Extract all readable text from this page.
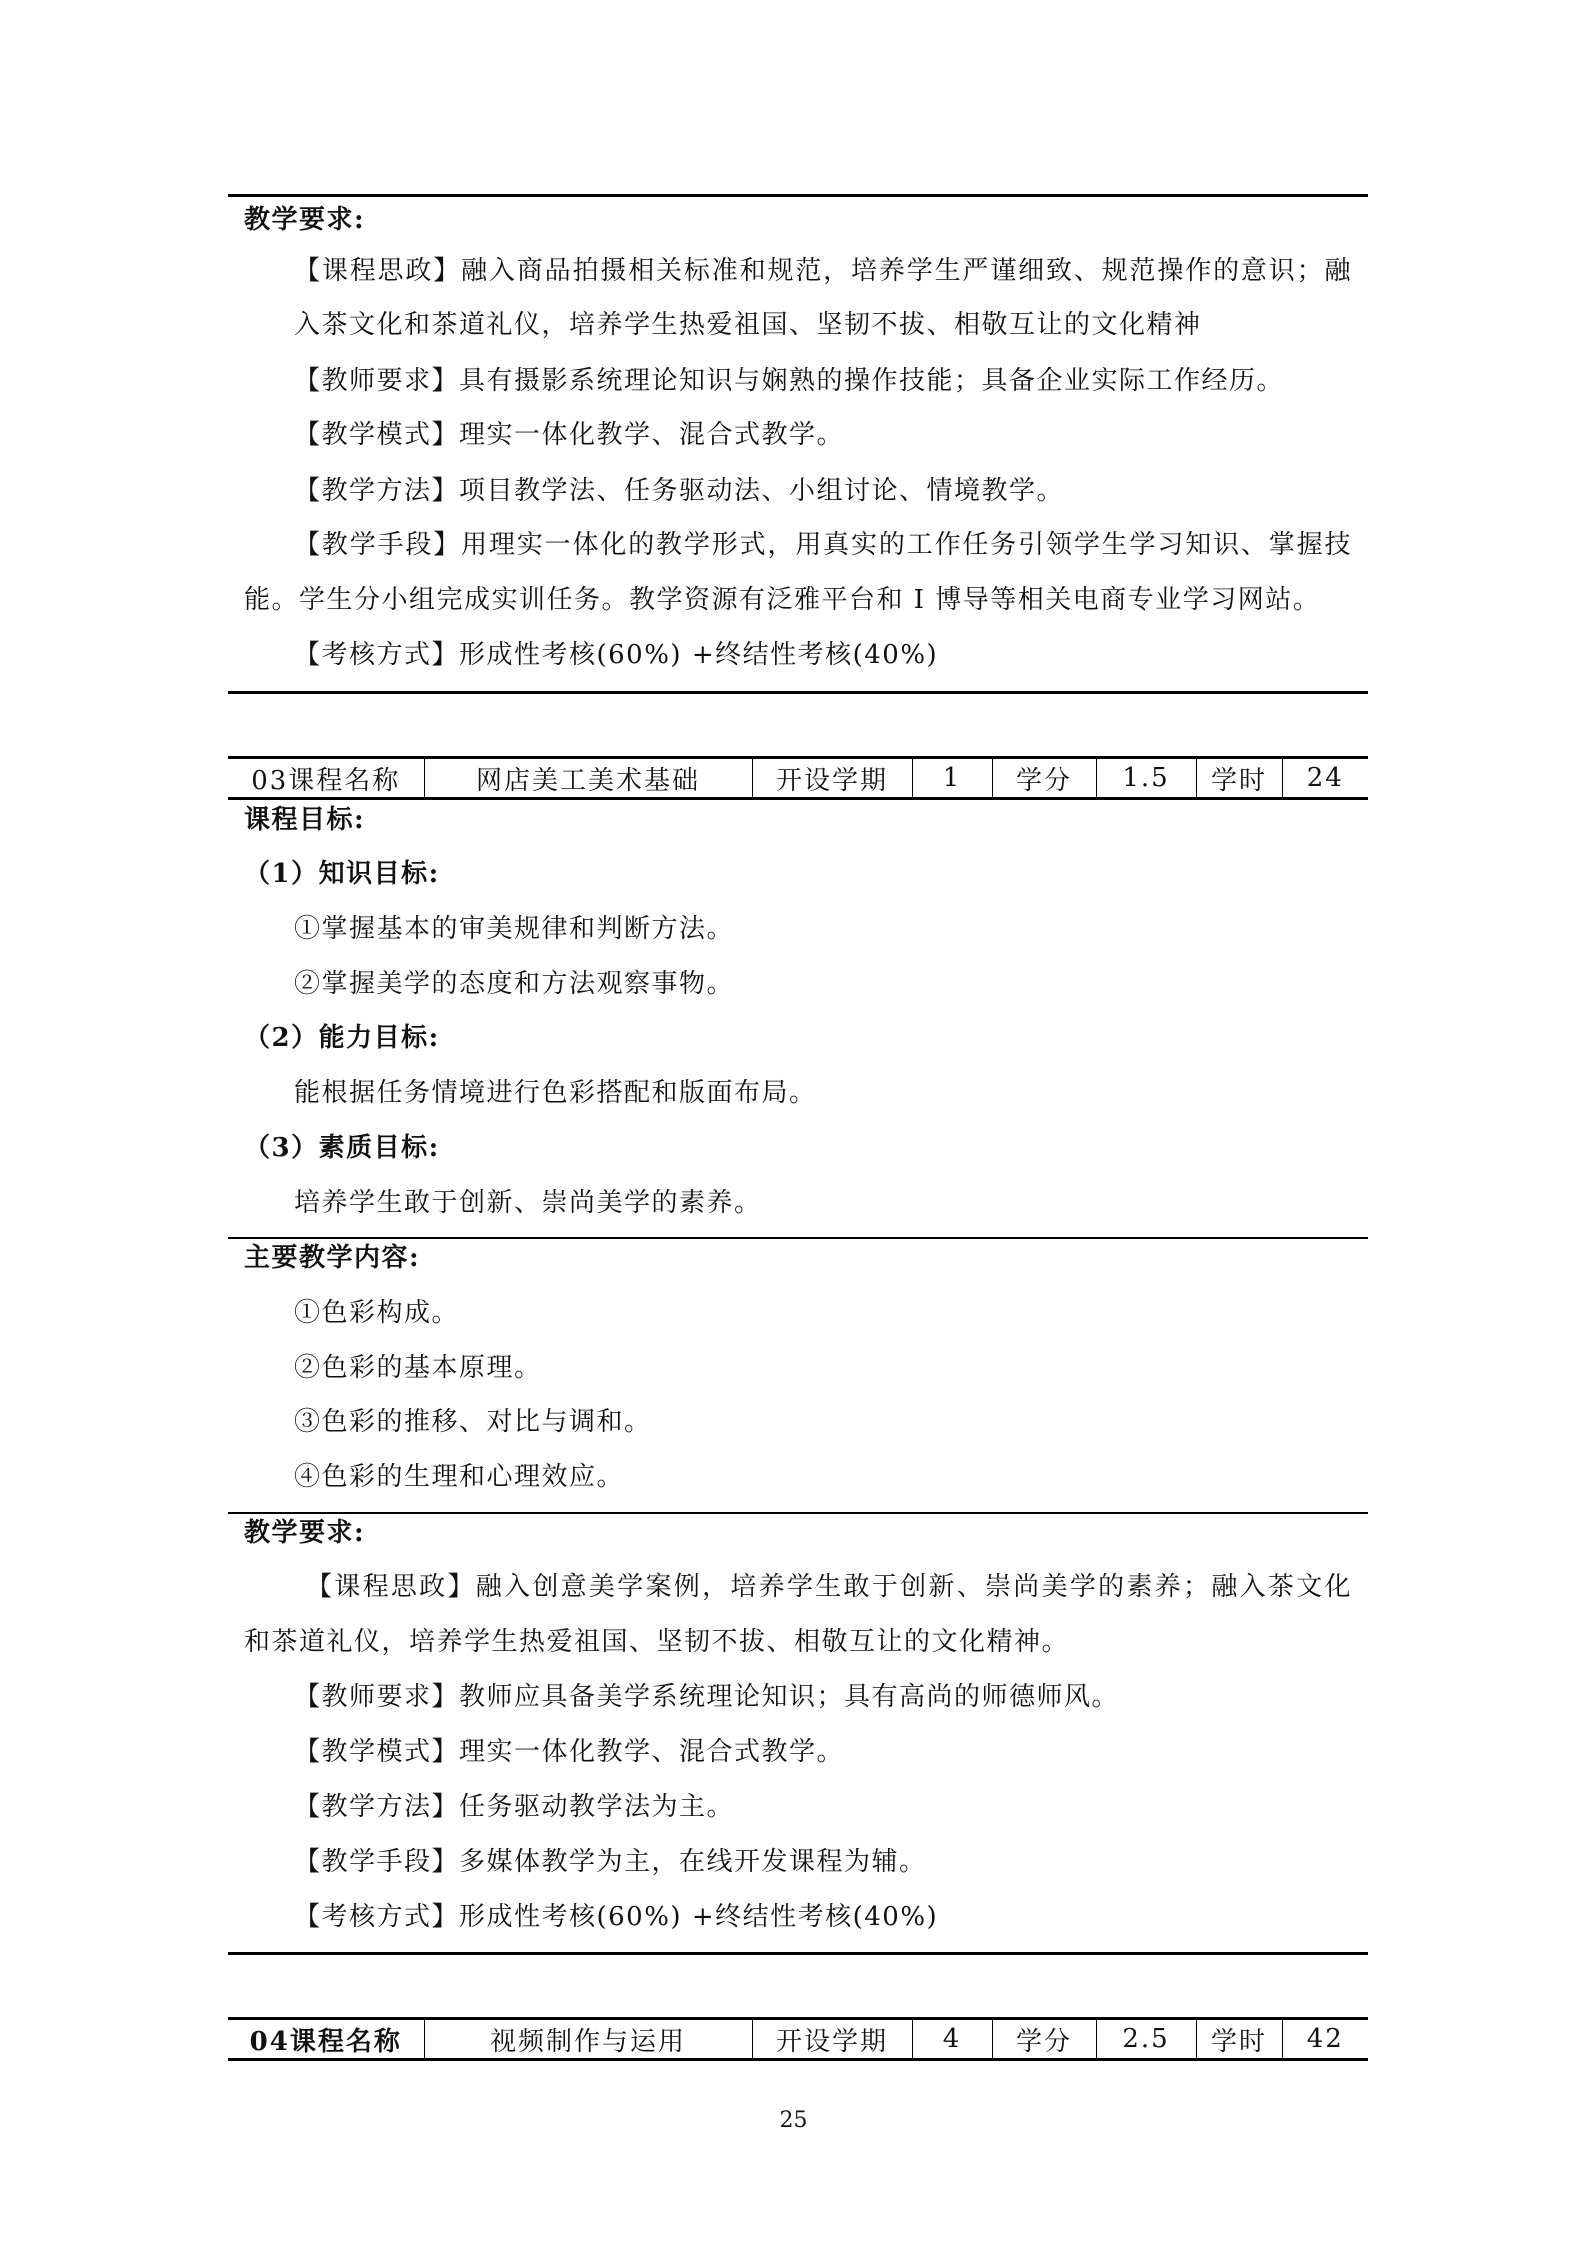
教学要求:
【课程思政】融入商品拍摄相关标准和规范，培养学生严谨细致、规范操作的意识；融
入茶文化和茶道礼仪，培养学生热爱祖国、坚韧不拔、相敬互让的文化精神
【教师要求】具有摄影系统理论知识与娴熟的操作技能；具备企业实际工作经历。
【教学模式】理实一体化教学、混合式教学。
【教学方法】项目教学法、任务驱动法、小组讨论、情境教学。
【教学手段】用理实一体化的教学形式，用真实的工作任务引领学生学习知识、掌握技
能。学生分小组完成实训任务。教学资源有泛雅平台和 I 博导等相关电商专业学习网站。
【考核方式】形成性考核(60%) +终结性考核(40%)
03课程名称	网店美工美术基础	开设学期	1	学分	1.5	学时	24
课程目标:
（1）知识目标:
①掌握基本的审美规律和判断方法。
②掌握美学的态度和方法观察事物。
（2）能力目标:
能根据任务情境进行色彩搭配和版面布局。
（3）素质目标:
培养学生敢于创新、崇尚美学的素养。
主要教学内容:
①色彩构成。
②色彩的基本原理。
③色彩的推移、对比与调和。
④色彩的生理和心理效应。
教学要求:
【课程思政】融入创意美学案例，培养学生敢于创新、崇尚美学的素养；融入茶文化
和茶道礼仪，培养学生热爱祖国、坚韧不拔、相敬互让的文化精神。
【教师要求】教师应具备美学系统理论知识；具有高尚的师德师风。
【教学模式】理实一体化教学、混合式教学。
【教学方法】任务驱动教学法为主。
【教学手段】多媒体教学为主，在线开发课程为辅。
【考核方式】形成性考核(60%) +终结性考核(40%)
04课程名称	视频制作与运用	开设学期	4	学分	2.5	学时	42
25
